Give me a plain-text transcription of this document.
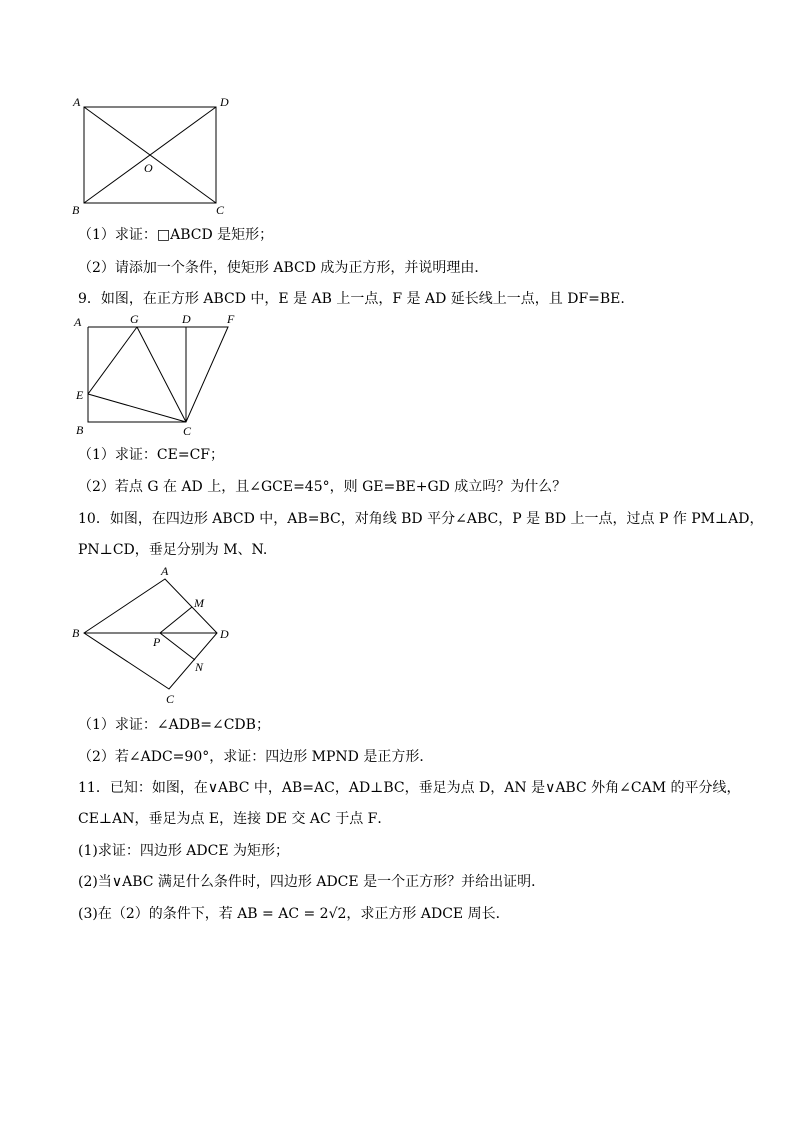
A	D
O
B	C
（1）求证：□ABCD 是矩形；
（2）请添加一个条件，使矩形 ABCD 成为正方形，并说明理由．
9．如图，在正方形 ABCD 中，E 是 AB 上一点，F 是 AD 延长线上一点，且 DF=BE.
A	G	D	F
E
B	C
（1）求证：CE=CF；
（2）若点 G 在 AD 上，且∠GCE=45°，则 GE=BE+GD 成立吗？为什么？
10．如图，在四边形 ABCD 中，AB=BC，对角线 BD 平分∠ABC，P 是 BD 上一点，过点 P 作 PM⊥AD，
PN⊥CD，垂足分别为 M、N.
A
M
B
P
D
N
C
（1）求证：∠ADB=∠CDB；
（2）若∠ADC=90°，求证：四边形 MPND 是正方形．
11．已知：如图，在∨ABC 中，AB=AC，AD⊥BC，垂足为点 D，AN 是∨ABC 外角∠CAM 的平分线，
CE⊥AN，垂足为点 E，连接 DE 交 AC 于点 F．
(1)求证：四边形 ADCE 为矩形；
(2)当∨ABC 满足什么条件时，四边形 ADCE 是一个正方形？并给出证明．
(3)在（2）的条件下，若 AB = AC = 2√2，求正方形 ADCE 周长．
